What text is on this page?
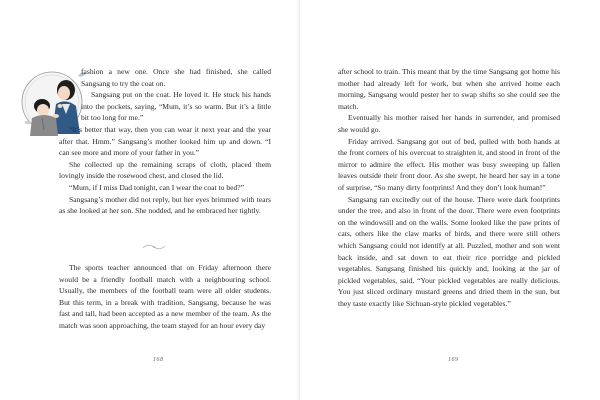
fashion a new one. Once she had finished, she called Sangsang to try the coat on.

Sangsang put on the coat. He loved it. He stuck his hands into the pockets, saying, “Mum, it’s so warm. But it’s a little bit too long for me.”

“It’s better that way, then you can wear it next year and the year after that. Hmm.” Sangsang’s mother looked him up and down. “I can see more and more of your father in you.”

She collected up the remaining scraps of cloth, placed them lovingly inside the rosewood chest, and closed the lid.

“Mum, if I miss Dad tonight, can I wear the coat to bed?”

Sangsang’s mother did not reply, but her eyes brimmed with tears as she looked at her son. She nodded, and he embraced her tightly.

The sports teacher announced that on Friday afternoon there would be a friendly football match with a neighbouring school. Usually, the members of the football team were all older students. But this term, in a break with tradition, Sangsang, because he was fast and tall, had been accepted as a new member of the team. As the match was soon approaching, the team stayed for an hour every day

168

after school to train. This meant that by the time Sangsang got home his mother had already left for work, but when she arrived home each morning, Sangsang would pester her to swap shifts so she could see the match.

Eventually his mother raised her hands in surrender, and promised she would go.

Friday arrived. Sangsang got out of bed, pulled with both hands at the front corners of his overcoat to straighten it, and stood in front of the mirror to admire the effect. His mother was busy sweeping up fallen leaves outside their front door. As she swept, he heard her say in a tone of surprise, “So many dirty footprints! And they don’t look human!”

Sangsang ran excitedly out of the house. There were dark footprints under the tree, and also in front of the door. There were even footprints on the windowsill and on the walls. Some looked like the paw prints of cats, others like the claw marks of birds, and there were still others which Sangsang could not identify at all. Puzzled, mother and son went back inside, and sat down to eat their rice porridge and pickled vegetables. Sangsang finished his quickly and, looking at the jar of pickled vegetables, said, “Your pickled vegetables are really delicious. You just sliced ordinary mustard greens and dried them in the sun, but they taste exactly like Sichuan-style pickled vegetables.”

169
